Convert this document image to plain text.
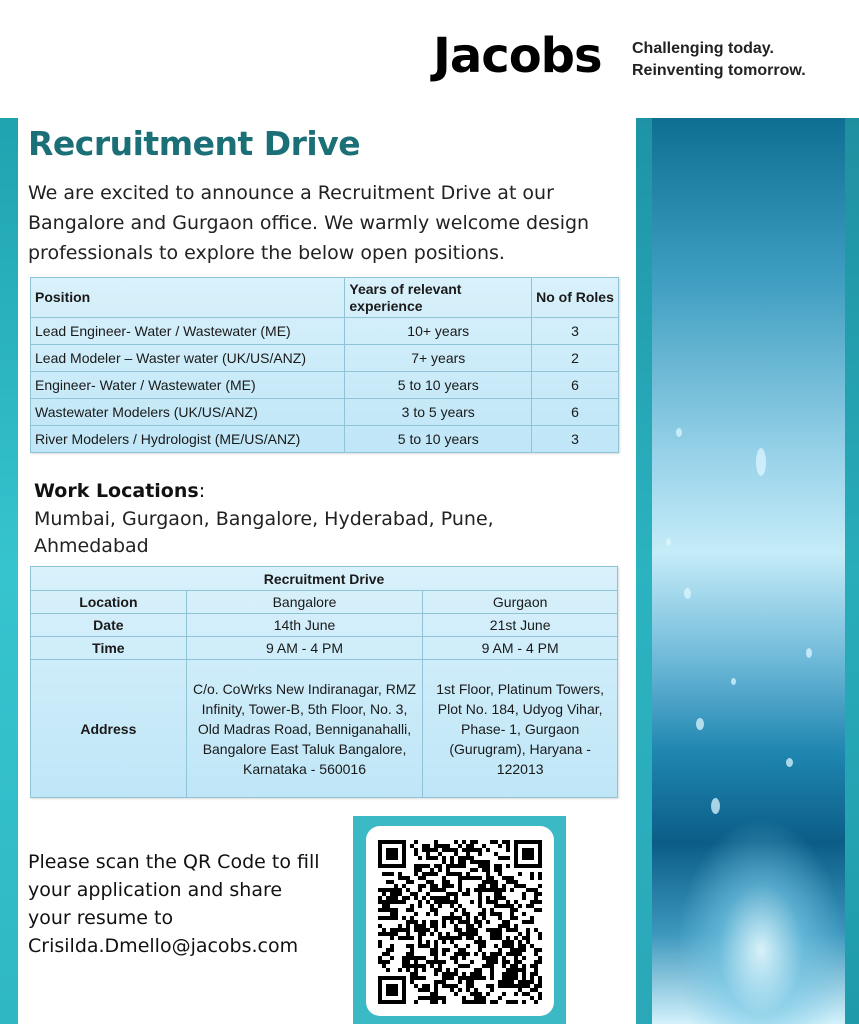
Jacobs Challenging today.
Reinventing tomorrow.
Recruitment Drive
We are excited to announce a Recruitment Drive at our Bangalore and Gurgaon office. We warmly welcome design professionals to explore the below open positions.
Position	Years of relevant experience	No of Roles
Lead Engineer- Water / Wastewater (ME)	10+ years	3
Lead Modeler – Waster water (UK/US/ANZ)	7+ years	2
Engineer- Water / Wastewater (ME)	5 to 10 years	6
Wastewater Modelers (UK/US/ANZ)	3 to 5 years	6
River Modelers / Hydrologist (ME/US/ANZ)	5 to 10 years	3
Work Locations:
Mumbai, Gurgaon, Bangalore, Hyderabad, Pune, Ahmedabad
Recruitment Drive		
Location	Bangalore	Gurgaon
Date	14th June	21st June
Time	9 AM - 4 PM	9 AM - 4 PM
Address	C/o. CoWrks New Indiranagar, RMZ Infinity, Tower-B, 5th Floor, No. 3, Old Madras Road, Benniganahalli, Bangalore East Taluk Bangalore, Karnataka - 560016	1st Floor, Platinum Towers, Plot No. 184, Udyog Vihar, Phase- 1, Gurgaon (Gurugram), Haryana - 122013
Please scan the QR Code to fill your application and share your resume to Crisilda.Dmello@jacobs.com
